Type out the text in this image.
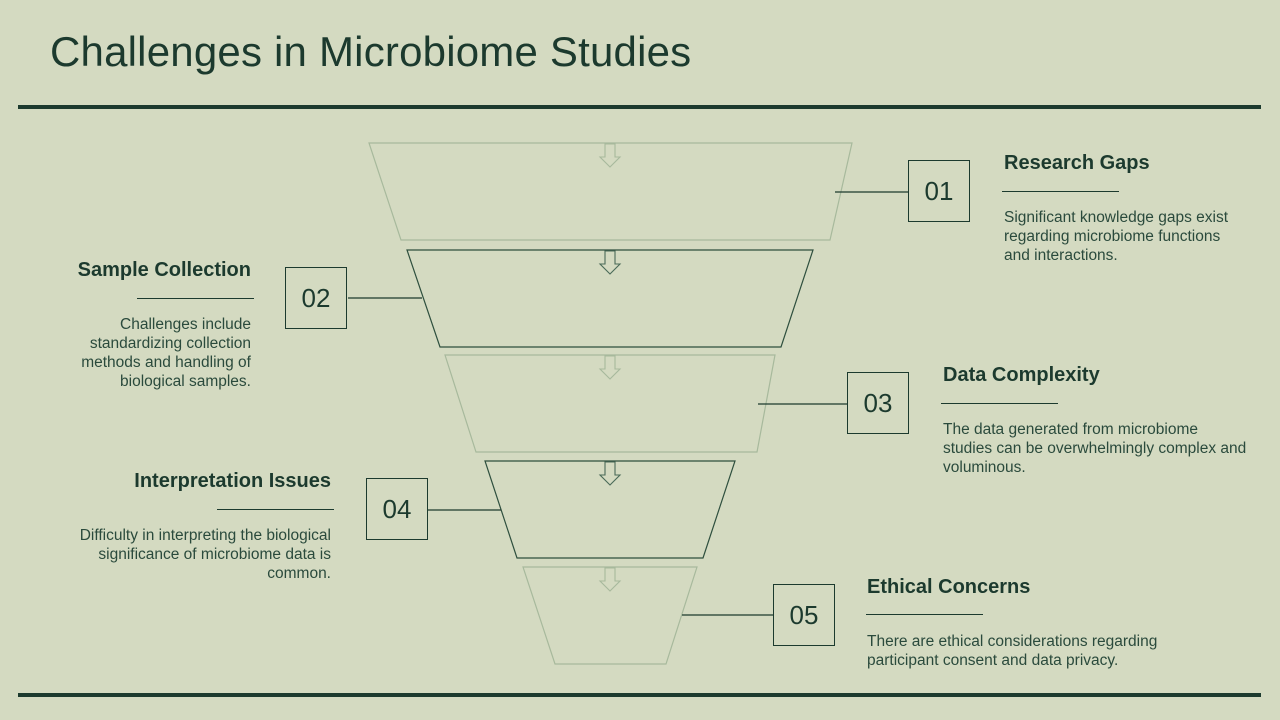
Challenges in Microbiome Studies
01
Research Gaps

Significant knowledge gaps exist regarding microbiome functions and interactions.

02
Sample Collection

Challenges include standardizing collection methods and handling of biological samples.

03
Data Complexity

The data generated from microbiome studies can be overwhelmingly complex and voluminous.

04
Interpretation Issues

Difficulty in interpreting the biological significance of microbiome data is common.

05
Ethical Concerns

There are ethical considerations regarding participant consent and data privacy.
